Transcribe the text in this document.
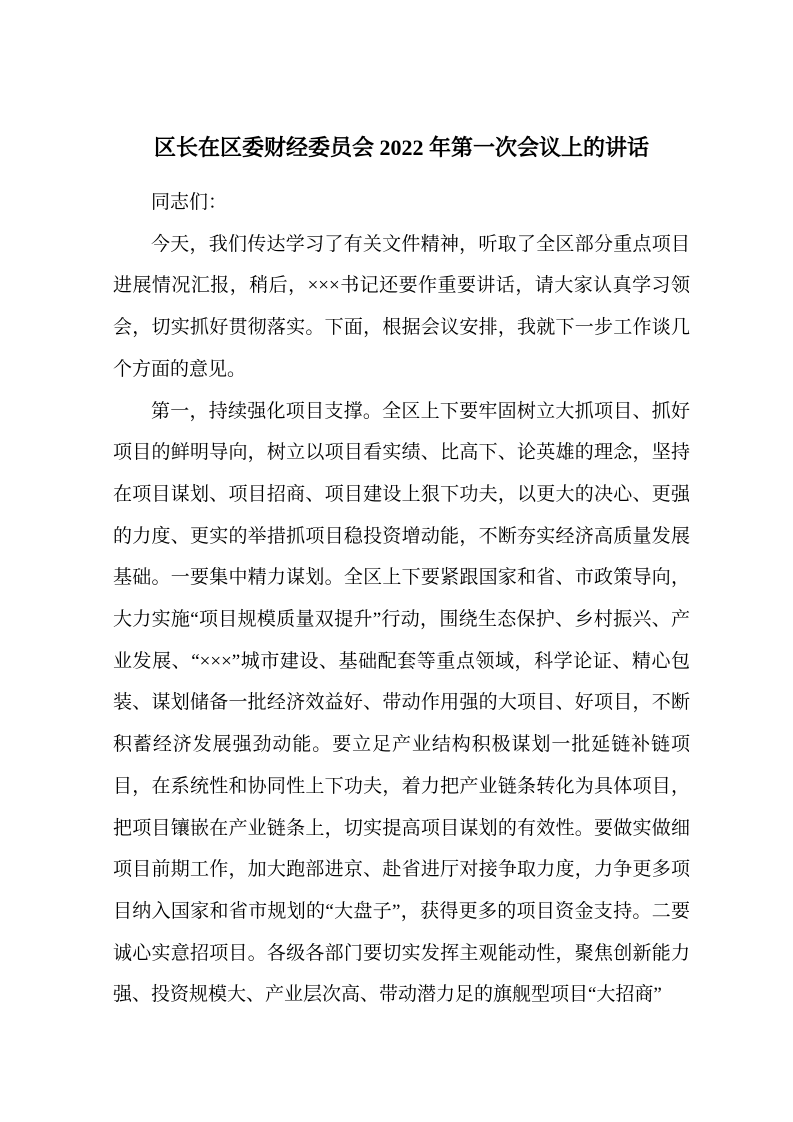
区长在区委财经委员会 2022 年第一次会议上的讲话

同志们：

今天，我们传达学习了有关文件精神，听取了全区部分重点项目进展情况汇报，稍后，×××书记还要作重要讲话，请大家认真学习领会，切实抓好贯彻落实。下面，根据会议安排，我就下一步工作谈几个方面的意见。

第一，持续强化项目支撑。全区上下要牢固树立大抓项目、抓好项目的鲜明导向，树立以项目看实绩、比高下、论英雄的理念，坚持在项目谋划、项目招商、项目建设上狠下功夫，以更大的决心、更强的力度、更实的举措抓项目稳投资增动能，不断夯实经济高质量发展基础。一要集中精力谋划。全区上下要紧跟国家和省、市政策导向，大力实施“项目规模质量双提升”行动，围绕生态保护、乡村振兴、产业发展、“×××”城市建设、基础配套等重点领域，科学论证、精心包装、谋划储备一批经济效益好、带动作用强的大项目、好项目，不断积蓄经济发展强劲动能。要立足产业结构积极谋划一批延链补链项目，在系统性和协同性上下功夫，着力把产业链条转化为具体项目，把项目镶嵌在产业链条上，切实提高项目谋划的有效性。要做实做细项目前期工作，加大跑部进京、赴省进厅对接争取力度，力争更多项目纳入国家和省市规划的“大盘子”，获得更多的项目资金支持。二要诚心实意招项目。各级各部门要切实发挥主观能动性，聚焦创新能力强、投资规模大、产业层次高、带动潜力足的旗舰型项目“大招商”
